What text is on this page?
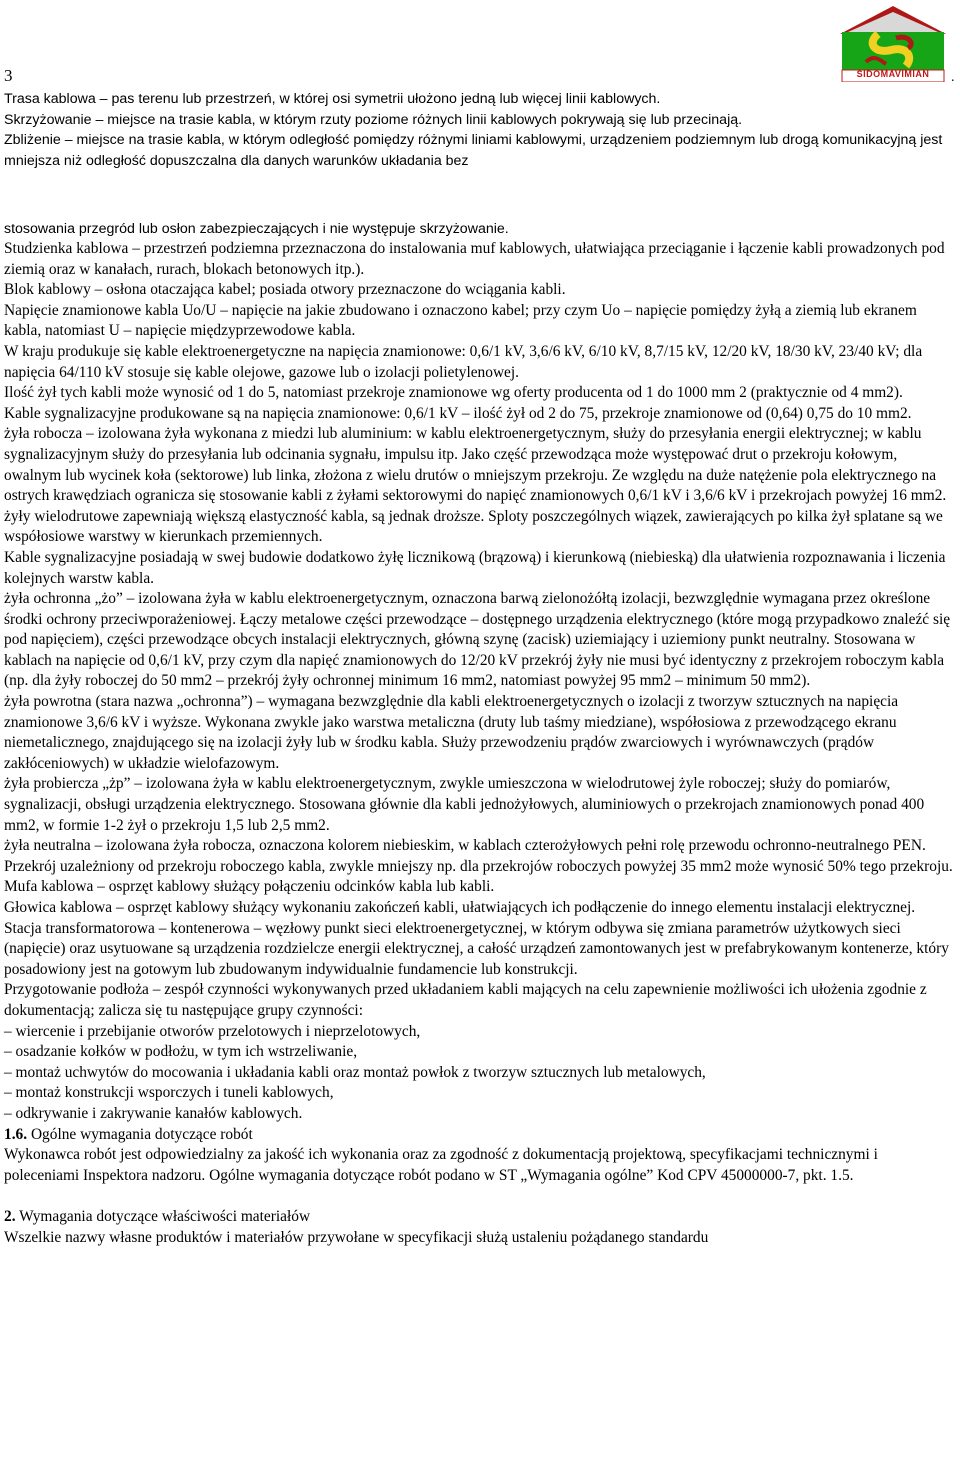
SIDOMAVIMIAN	.
3

Trasa kablowa – pas terenu lub przestrzeń, w której osi symetrii ułożono jedną lub więcej linii kablowych.

Skrzyżowanie – miejsce na trasie kabla, w którym rzuty poziome różnych linii kablowych pokrywają się lub przecinają.

Zbliżenie – miejsce na trasie kabla, w którym odległość pomiędzy różnymi liniami kablowymi, urządzeniem podziemnym lub drogą komunikacyjną jest mniejsza niż odległość dopuszczalna dla danych warunków układania bez

stosowania przegród lub osłon zabezpieczających i nie występuje skrzyżowanie.

Studzienka kablowa – przestrzeń podziemna przeznaczona do instalowania muf kablowych, ułatwiająca przeciąganie i łączenie kabli prowadzonych pod ziemią oraz w kanałach, rurach, blokach betonowych itp.).

Blok kablowy – osłona otaczająca kabel; posiada otwory przeznaczone do wciągania kabli.

Napięcie znamionowe kabla Uo/U – napięcie na jakie zbudowano i oznaczono kabel; przy czym Uo – napięcie pomiędzy żyłą a ziemią lub ekranem kabla, natomiast U – napięcie międzyprzewodowe kabla.

W kraju produkuje się kable elektroenergetyczne na napięcia znamionowe: 0,6/1 kV, 3,6/6 kV, 6/10 kV, 8,7/15 kV, 12/20 kV, 18/30 kV, 23/40 kV; dla napięcia 64/110 kV stosuje się kable olejowe, gazowe lub o izolacji polietylenowej.

Ilość żył tych kabli może wynosić od 1 do 5, natomiast przekroje znamionowe wg oferty producenta od 1 do 1000 mm 2 (praktycznie od 4 mm2).

Kable sygnalizacyjne produkowane są na napięcia znamionowe: 0,6/1 kV – ilość żył od 2 do 75, przekroje znamionowe od (0,64) 0,75 do 10 mm2.

żyła robocza – izolowana żyła wykonana z miedzi lub aluminium: w kablu elektroenergetycznym, służy do przesyłania energii elektrycznej; w kablu sygnalizacyjnym służy do przesyłania lub odcinania sygnału, impulsu itp. Jako część przewodząca może występować drut o przekroju kołowym, owalnym lub wycinek koła (sektorowe) lub linka, złożona z wielu drutów o mniejszym przekroju. Ze względu na duże natężenie pola elektrycznego na ostrych krawędziach ogranicza się stosowanie kabli z żyłami sektorowymi do napięć znamionowych 0,6/1 kV i 3,6/6 kV i przekrojach powyżej 16 mm2. żyły wielodrutowe zapewniają większą elastyczność kabla, są jednak droższe. Sploty poszczególnych wiązek, zawierających po kilka żył splatane są we współosiowe warstwy w kierunkach przemiennych.

Kable sygnalizacyjne posiadają w swej budowie dodatkowo żyłę licznikową (brązową) i kierunkową (niebieską) dla ułatwienia rozpoznawania i liczenia kolejnych warstw kabla.

żyła ochronna „żo” – izolowana żyła w kablu elektroenergetycznym, oznaczona barwą zielonożółtą izolacji, bezwzględnie wymagana przez określone środki ochrony przeciwporażeniowej. Łączy metalowe części przewodzące – dostępnego urządzenia elektrycznego (które mogą przypadkowo znaleźć się pod napięciem), części przewodzące obcych instalacji elektrycznych, główną szynę (zacisk) uziemiający i uziemiony punkt neutralny. Stosowana w kablach na napięcie od 0,6/1 kV, przy czym dla napięć znamionowych do 12/20 kV przekrój żyły nie musi być identyczny z przekrojem roboczym kabla (np. dla żyły roboczej do 50 mm2 – przekrój żyły ochronnej minimum 16 mm2, natomiast powyżej 95 mm2 – minimum 50 mm2).

żyła powrotna (stara nazwa „ochronna”) – wymagana bezwzględnie dla kabli elektroenergetycznych o izolacji z tworzyw sztucznych na napięcia znamionowe 3,6/6 kV i wyższe. Wykonana zwykle jako warstwa metaliczna (druty lub taśmy miedziane), współosiowa z przewodzącego ekranu niemetalicznego, znajdującego się na izolacji żyły lub w środku kabla. Służy przewodzeniu prądów zwarciowych i wyrównawczych (prądów zakłóceniowych) w układzie wielofazowym.

żyła probiercza „żp” – izolowana żyła w kablu elektroenergetycznym, zwykle umieszczona w wielodrutowej żyle roboczej; służy do pomiarów, sygnalizacji, obsługi urządzenia elektrycznego. Stosowana głównie dla kabli jednożyłowych, aluminiowych o przekrojach znamionowych ponad 400 mm2, w formie 1-2 żył o przekroju 1,5 lub 2,5 mm2.

żyła neutralna – izolowana żyła robocza, oznaczona kolorem niebieskim, w kablach czterożyłowych pełni rolę przewodu ochronno-neutralnego PEN. Przekrój uzależniony od przekroju roboczego kabla, zwykle mniejszy np. dla przekrojów roboczych powyżej 35 mm2 może wynosić 50% tego przekroju.

Mufa kablowa – osprzęt kablowy służący połączeniu odcinków kabla lub kabli.

Głowica kablowa – osprzęt kablowy służący wykonaniu zakończeń kabli, ułatwiających ich podłączenie do innego elementu instalacji elektrycznej.

Stacja transformatorowa – kontenerowa – węzłowy punkt sieci elektroenergetycznej, w którym odbywa się zmiana parametrów użytkowych sieci (napięcie) oraz usytuowane są urządzenia rozdzielcze energii elektrycznej, a całość urządzeń zamontowanych jest w prefabrykowanym kontenerze, który posadowiony jest na gotowym lub zbudowanym indywidualnie fundamencie lub konstrukcji.

Przygotowanie podłoża – zespół czynności wykonywanych przed układaniem kabli mających na celu zapewnienie możliwości ich ułożenia zgodnie z dokumentacją; zalicza się tu następujące grupy czynności:

– wiercenie i przebijanie otworów przelotowych i nieprzelotowych,

– osadzanie kołków w podłożu, w tym ich wstrzeliwanie,

– montaż uchwytów do mocowania i układania kabli oraz montaż powłok z tworzyw sztucznych lub metalowych,

– montaż konstrukcji wsporczych i tuneli kablowych,

– odkrywanie i zakrywanie kanałów kablowych.

1.6. Ogólne wymagania dotyczące robót

Wykonawca robót jest odpowiedzialny za jakość ich wykonania oraz za zgodność z dokumentacją projektową, specyfikacjami technicznymi i poleceniami Inspektora nadzoru. Ogólne wymagania dotyczące robót podano w ST „Wymagania ogólne” Kod CPV 45000000-7, pkt. 1.5.

2. Wymagania dotyczące właściwości materiałów

Wszelkie nazwy własne produktów i materiałów przywołane w specyfikacji służą ustaleniu pożądanego standardu
